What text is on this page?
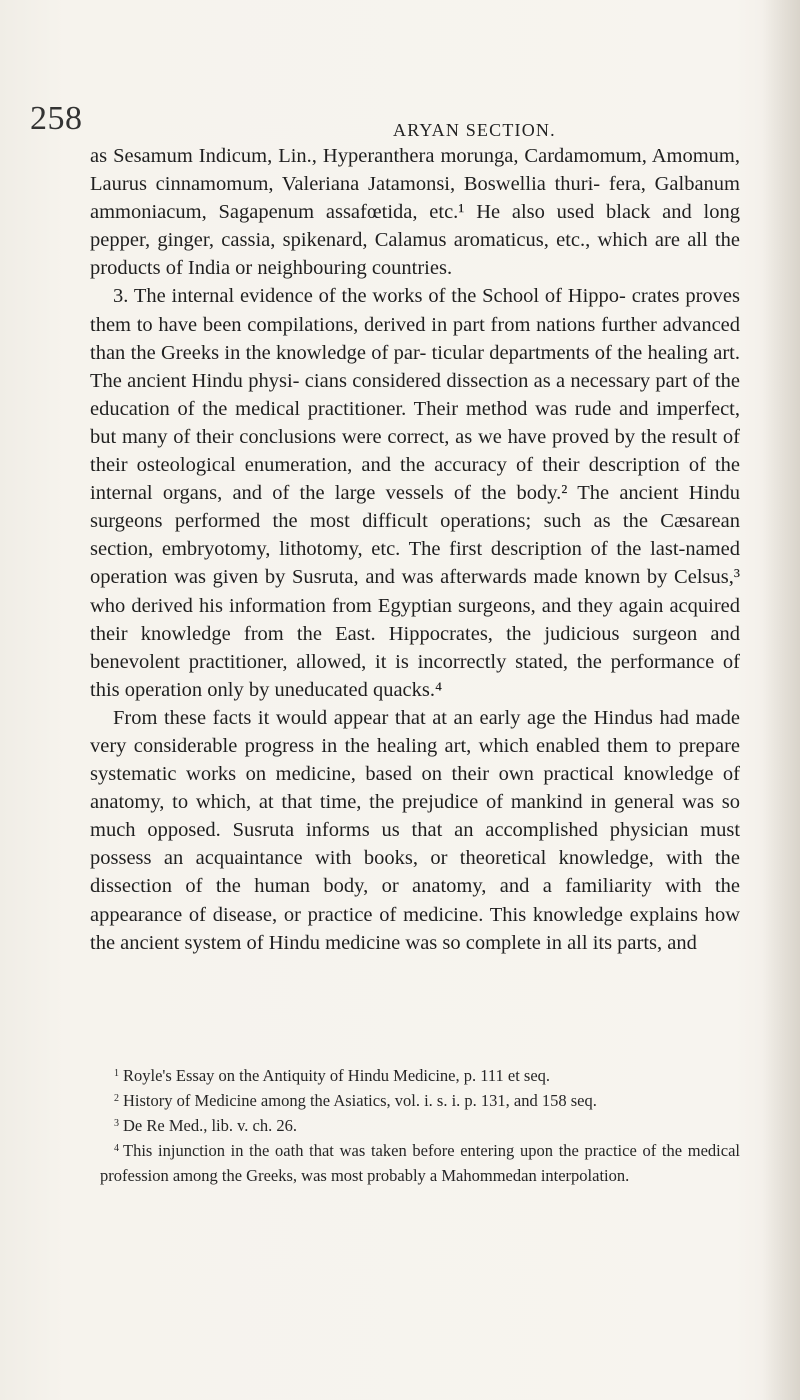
258	ARYAN SECTION.

as Sesamum Indicum, Lin., Hyperanthera morunga, Cardamomum, Amomum, Laurus cinnamomum, Valeriana Jatamonsi, Boswellia thuri- fera, Galbanum ammoniacum, Sagapenum assafœtida, etc.¹ He also used black and long pepper, ginger, cassia, spikenard, Calamus aromaticus, etc., which are all the products of India or neighbouring countries.

3. The internal evidence of the works of the School of Hippo- crates proves them to have been compilations, derived in part from nations further advanced than the Greeks in the knowledge of par- ticular departments of the healing art. The ancient Hindu physi- cians considered dissection as a necessary part of the education of the medical practitioner. Their method was rude and imperfect, but many of their conclusions were correct, as we have proved by the result of their osteological enumeration, and the accuracy of their description of the internal organs, and of the large vessels of the body.² The ancient Hindu surgeons performed the most difficult operations; such as the Cæsarean section, embryotomy, lithotomy, etc. The first description of the last-named operation was given by Susruta, and was afterwards made known by Celsus,³ who derived his information from Egyptian surgeons, and they again acquired their knowledge from the East. Hippocrates, the judicious surgeon and benevolent practitioner, allowed, it is incorrectly stated, the performance of this operation only by uneducated quacks.⁴

From these facts it would appear that at an early age the Hindus had made very considerable progress in the healing art, which enabled them to prepare systematic works on medicine, based on their own practical knowledge of anatomy, to which, at that time, the prejudice of mankind in general was so much opposed. Susruta informs us that an accomplished physician must possess an acquaintance with books, or theoretical knowledge, with the dissection of the human body, or anatomy, and a familiarity with the appearance of disease, or practice of medicine. This knowledge explains how the ancient system of Hindu medicine was so complete in all its parts, and

$^1$ Royle's Essay on the Antiquity of Hindu Medicine, p. 111 et seq.

$^2$ History of Medicine among the Asiatics, vol. i. s. i. p. 131, and 158 seq.

$^3$ De Re Med., lib. v. ch. 26.

$^4$ This injunction in the oath that was taken before entering upon the practice of the medical profession among the Greeks, was most probably a Mahommedan interpolation.
